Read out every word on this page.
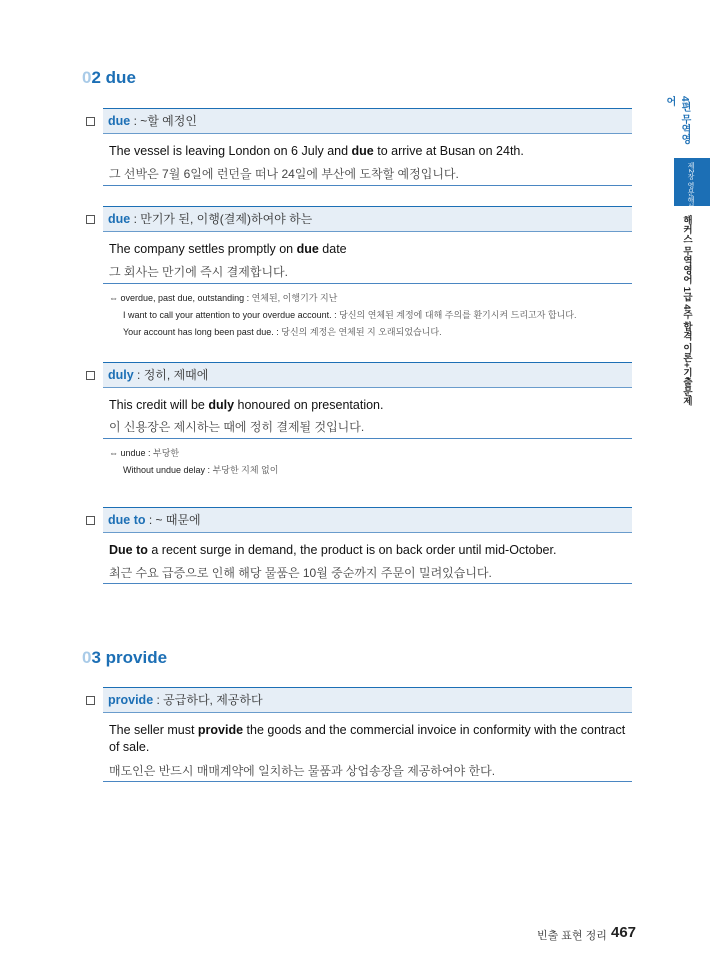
02 due
due : ~할 예정인
The vessel is leaving London on 6 July and due to arrive at Busan on 24th.
그 선박은 7월 6일에 런던을 떠나 24일에 부산에 도착할 예정입니다.
due : 만기가 된, 이행(결제)하여야 하는
The company settles promptly on due date
그 회사는 만기에 즉시 결제합니다.
⇔ overdue, past due, outstanding : 연체된, 이행기가 지난
I want to call your attention to your overdue account. : 당신의 연체된 계정에 대해 주의를 환기시켜 드리고자 합니다.
Your account has long been past due. : 당신의 계정은 연체된 지 오래되었습니다.
duly : 정히, 제때에
This credit will be duly honoured on presentation.
이 신용장은 제시하는 때에 정히 결제될 것입니다.
⇔ undue : 부당한
Without undue delay : 부당한 지체 없이
due to : ~ 때문에
Due to a recent surge in demand, the product is on back order until mid-October.
최근 수요 급증으로 인해 해당 물품은 10월 중순까지 주문이 밀려있습니다.
03 provide
provide : 공급하다, 제공하다
The seller must provide the goods and the commercial invoice in conformity with the contract of sale.
매도인은 반드시 매매계약에 일치하는 물품과 상업송장을 제공하여야 한다.
4편 무역영어
제2장 영문해석·영작문
해커스 무역영어 1급 4주 합격 이론+기출문제
빈출 표현 정리 467
